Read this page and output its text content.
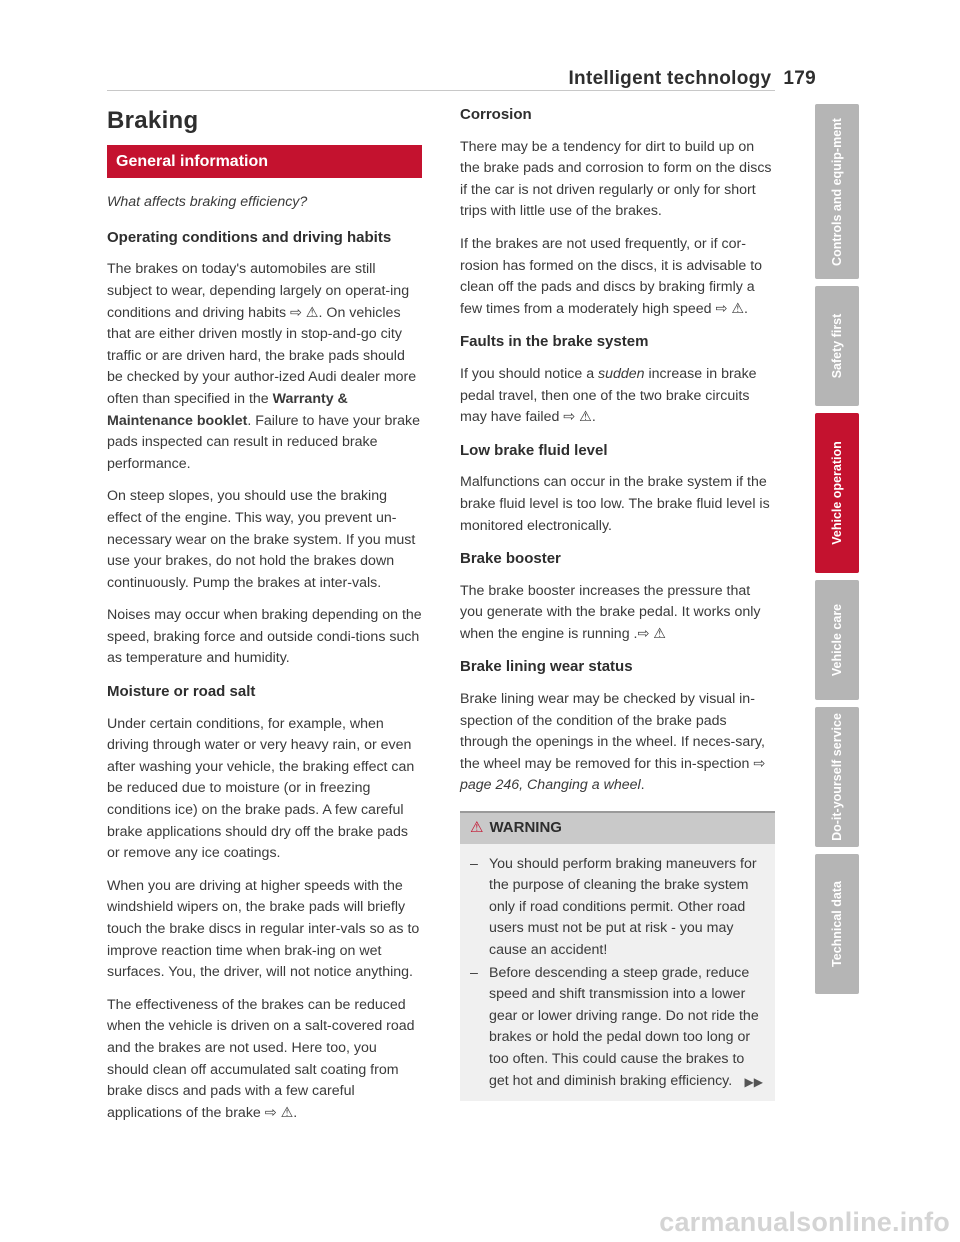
Intelligent technology 179
Braking
General information
What affects braking efficiency?
Operating conditions and driving habits

The brakes on today's automobiles are still subject to wear, depending largely on operat-ing conditions and driving habits ⇨ ⚠. On vehicles that are either driven mostly in stop-and-go city traffic or are driven hard, the brake pads should be checked by your author-ized Audi dealer more often than specified in the Warranty & Maintenance booklet. Failure to have your brake pads inspected can result in reduced brake performance.

On steep slopes, you should use the braking effect of the engine. This way, you prevent un-necessary wear on the brake system. If you must use your brakes, do not hold the brakes down continuously. Pump the brakes at inter-vals.

Noises may occur when braking depending on the speed, braking force and outside condi-tions such as temperature and humidity.

Moisture or road salt

Under certain conditions, for example, when driving through water or very heavy rain, or even after washing your vehicle, the braking effect can be reduced due to moisture (or in freezing conditions ice) on the brake pads. A few careful brake applications should dry off the brake pads or remove any ice coatings.

When you are driving at higher speeds with the windshield wipers on, the brake pads will briefly touch the brake discs in regular inter-vals so as to improve reaction time when brak-ing on wet surfaces. You, the driver, will not notice anything.

The effectiveness of the brakes can be reduced when the vehicle is driven on a salt-covered road and the brakes are not used. Here too, you should clean off accumulated salt coating from brake discs and pads with a few careful applications of the brake ⇨ ⚠.

Corrosion

There may be a tendency for dirt to build up on the brake pads and corrosion to form on the discs if the car is not driven regularly or only for short trips with little use of the brakes.

If the brakes are not used frequently, or if cor-rosion has formed on the discs, it is advisable to clean off the pads and discs by braking firmly a few times from a moderately high speed ⇨ ⚠.

Faults in the brake system

If you should notice a sudden increase in brake pedal travel, then one of the two brake circuits may have failed ⇨ ⚠.

Low brake fluid level

Malfunctions can occur in the brake system if the brake fluid level is too low. The brake fluid level is monitored electronically.

Brake booster

The brake booster increases the pressure that you generate with the brake pedal. It works only when the engine is running .⇨ ⚠

Brake lining wear status

Brake lining wear may be checked by visual in-spection of the condition of the brake pads through the openings in the wheel. If neces-sary, the wheel may be removed for this in-spection ⇨ page 246, Changing a wheel.

⚠ WARNING
– You should perform braking maneuvers for the purpose of cleaning the brake system only if road conditions permit. Other road users must not be put at risk - you may cause an accident!
– Before descending a steep grade, reduce speed and shift transmission into a lower gear or lower driving range. Do not ride the brakes or hold the pedal down too long or too often. This could cause the brakes to get hot and diminish braking efficiency.	▶▶
Controls and equip-ment
Safety first
Vehicle operation
Vehicle care
Do-it-yourself service
Technical data
carmanualsonline.info
